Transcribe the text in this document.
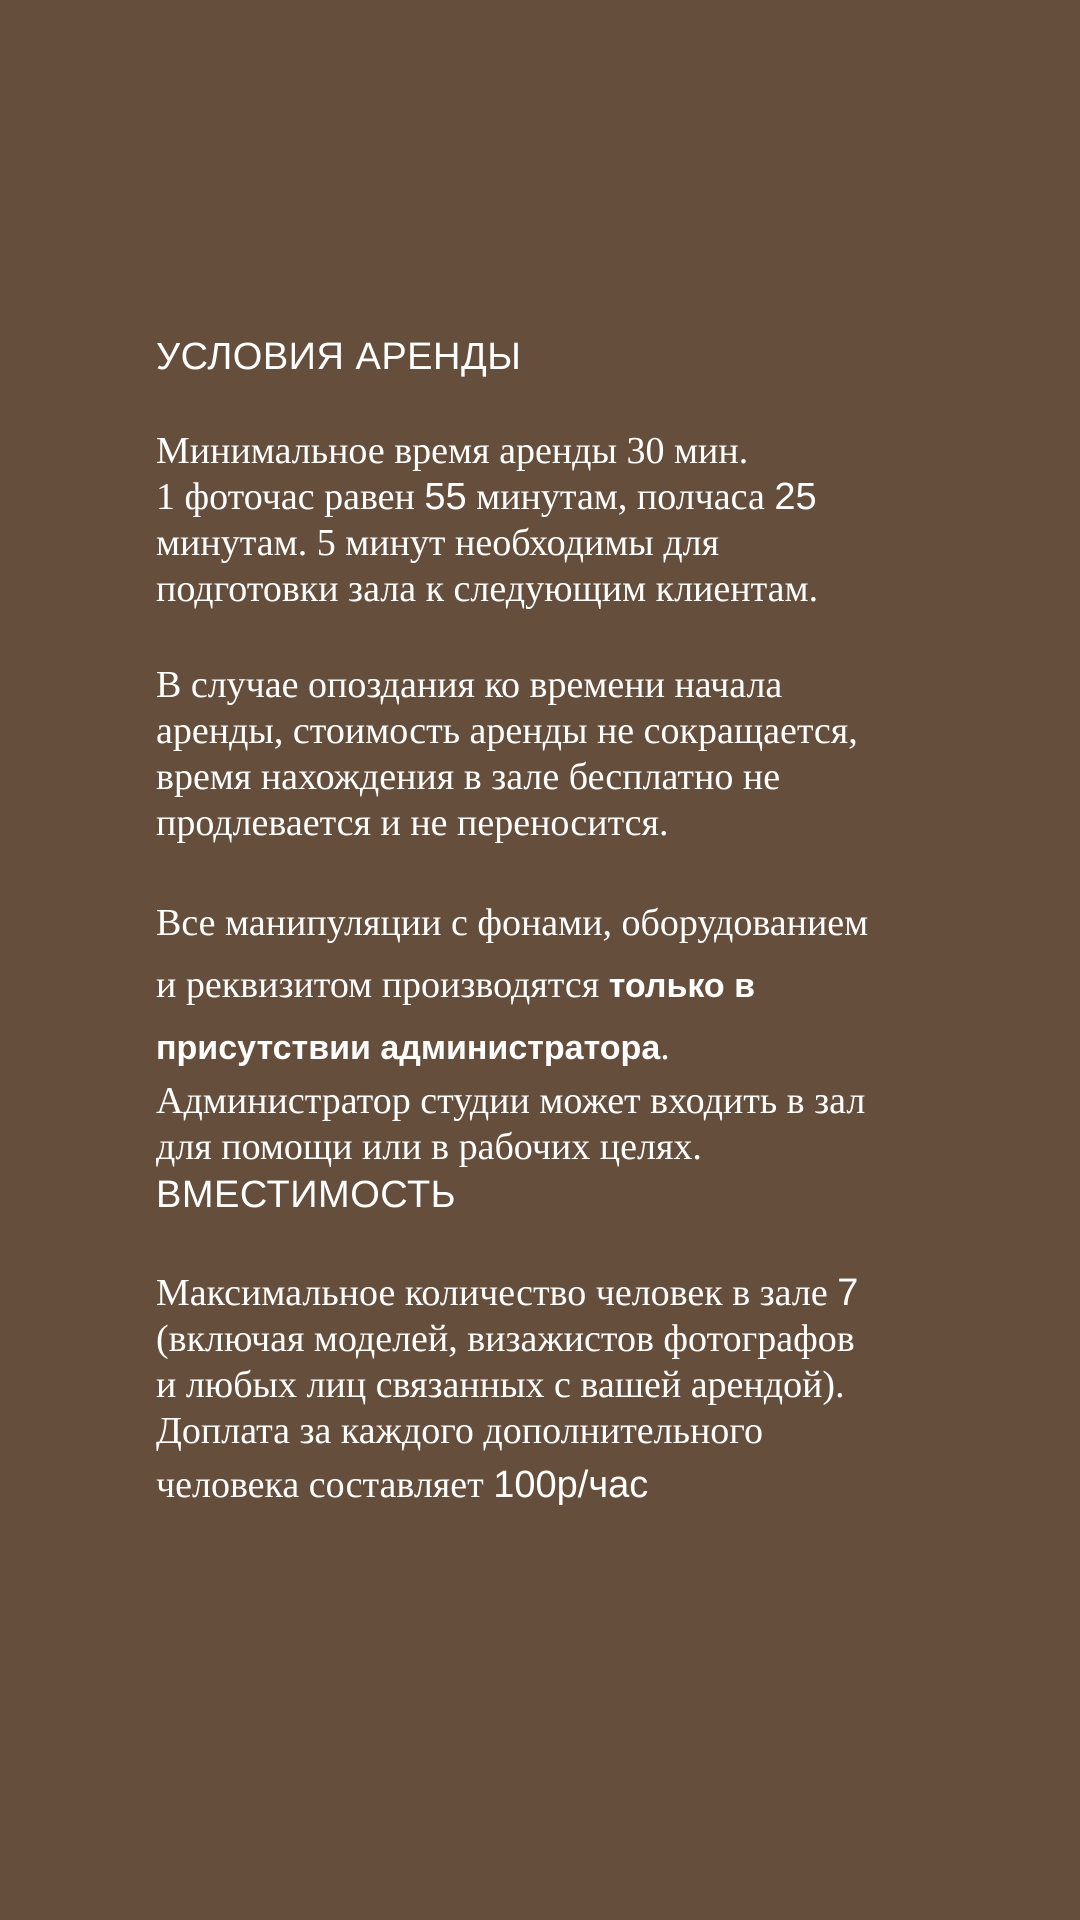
УСЛОВИЯ АРЕНДЫ
Минимальное время аренды 30 мин.
1 фоточас равен 55 минутам, полчаса 25
минутам. 5 минут необходимы для
подготовки зала к следующим клиентам.
В случае опоздания ко времени начала
аренды, стоимость аренды не сокращается,
время нахождения в зале бесплатно не
продлевается и не переносится.
Все манипуляции с фонами, оборудованием
и реквизитом производятся только в
присутствии администратора.
Администратор студии может входить в зал
для помощи или в рабочих целях.
ВМЕСТИМОСТЬ
Максимальное количество человек в зале 7
(включая моделей, визажистов фотографов
и любых лиц связанных с вашей арендой).
Доплата за каждого дополнительного
человека составляет 100р/час
